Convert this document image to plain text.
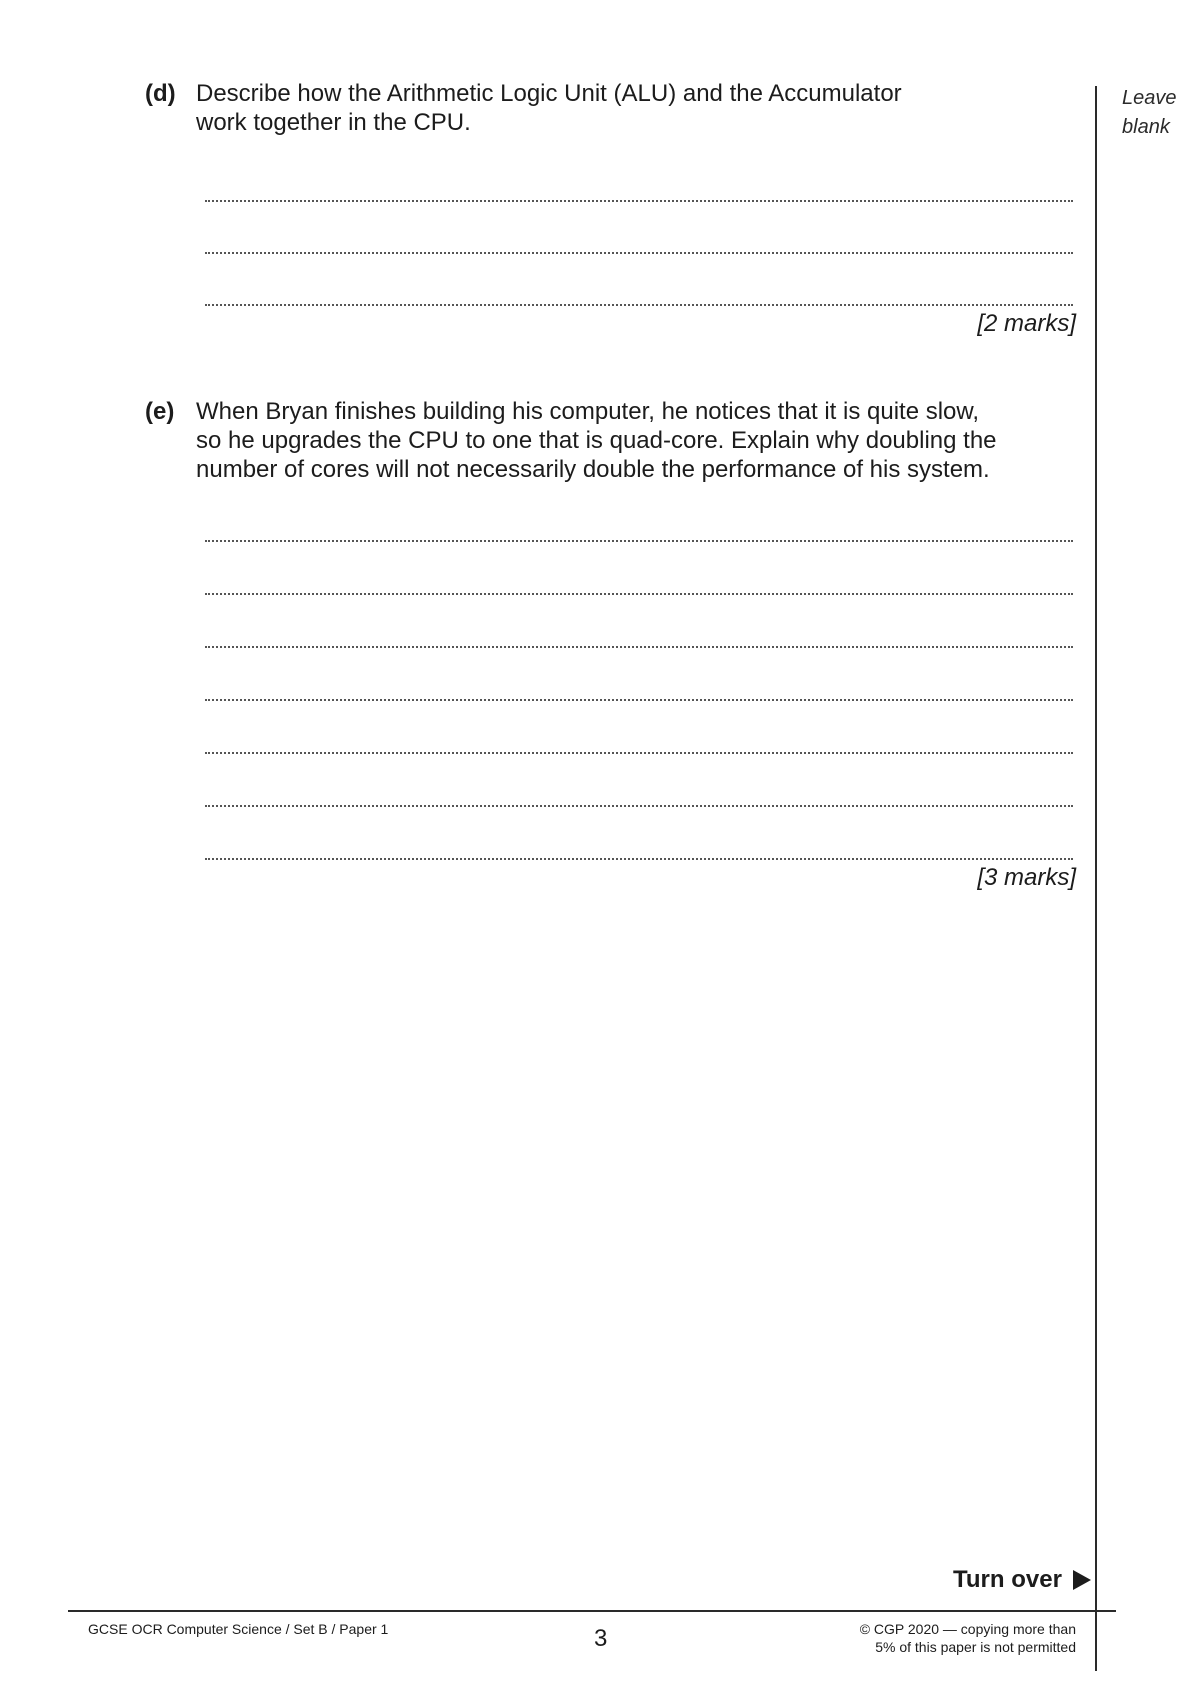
Leave
blank
(d) Describe how the Arithmetic Logic Unit (ALU) and the Accumulator
work together in the CPU.
[2 marks]
(e) When Bryan finishes building his computer, he notices that it is quite slow,
so he upgrades the CPU to one that is quad-core. Explain why doubling the
number of cores will not necessarily double the performance of his system.
[3 marks]
Turn over
GCSE OCR Computer Science / Set B / Paper 1	3	© CGP 2020 — copying more than
5% of this paper is not permitted
